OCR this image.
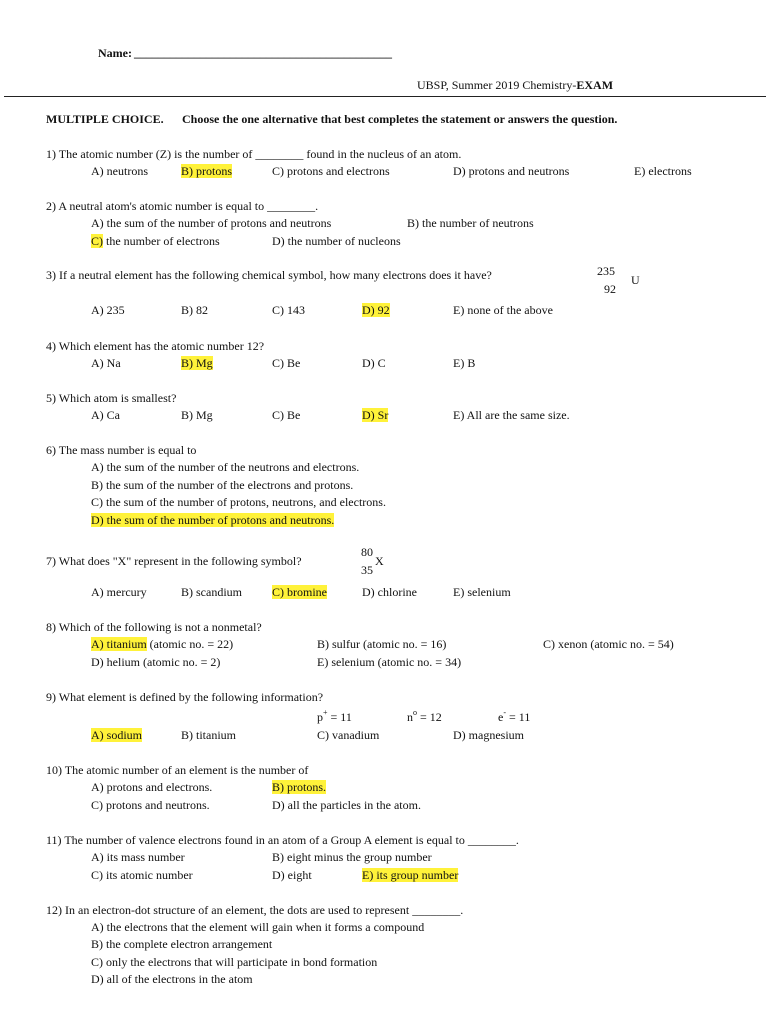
Name: ___________________________________________
UBSP, Summer 2019 Chemistry-EXAM
MULTIPLE CHOICE. Choose the one alternative that best completes the statement or answers the question.
1) The atomic number (Z) is the number of ________ found in the nucleus of an atom.
A) neutrons	B) protons	C) protons and electrons	D) protons and neutrons	E) electrons
2) A neutral atom's atomic number is equal to ________.
A) the sum of the number of protons and neutrons	B) the number of neutrons
C) the number of electrons	D) the number of nucleons
3) If a neutral element has the following chemical symbol, how many electrons does it have?	235
92
U
A) 235	B) 82	C) 143	D) 92	E) none of the above
4) Which element has the atomic number 12?
A) Na	B) Mg	C) Be	D) C	E) B
5) Which atom is smallest?
A) Ca	B) Mg	C) Be	D) Sr	E) All are the same size.
6) The mass number is equal to
A) the sum of the number of the neutrons and electrons.
B) the sum of the number of the electrons and protons.
C) the sum of the number of protons, neutrons, and electrons.
D) the sum of the number of protons and neutrons.
7) What does "X" represent in the following symbol?
80
35
X
A) mercury	B) scandium	C) bromine	D) chlorine	E) selenium
8) Which of the following is not a nonmetal?
A) titanium (atomic no. = 22)	B) sulfur (atomic no. = 16)	C) xenon (atomic no. = 54)
D) helium (atomic no. = 2)	E) selenium (atomic no. = 34)
9) What element is defined by the following information?
p+ = 11	$n^o = 12$	e- = 11
A) sodium	B) titanium	C) vanadium	D) magnesium
10) The atomic number of an element is the number of
A) protons and electrons.	B) protons.
C) protons and neutrons.	D) all the particles in the atom.
11) The number of valence electrons found in an atom of a Group A element is equal to ________.
A) its mass number	B) eight minus the group number
C) its atomic number	D) eight	E) its group number
12) In an electron-dot structure of an element, the dots are used to represent ________.
A) the electrons that the element will gain when it forms a compound
B) the complete electron arrangement
C) only the electrons that will participate in bond formation
D) all of the electrons in the atom
